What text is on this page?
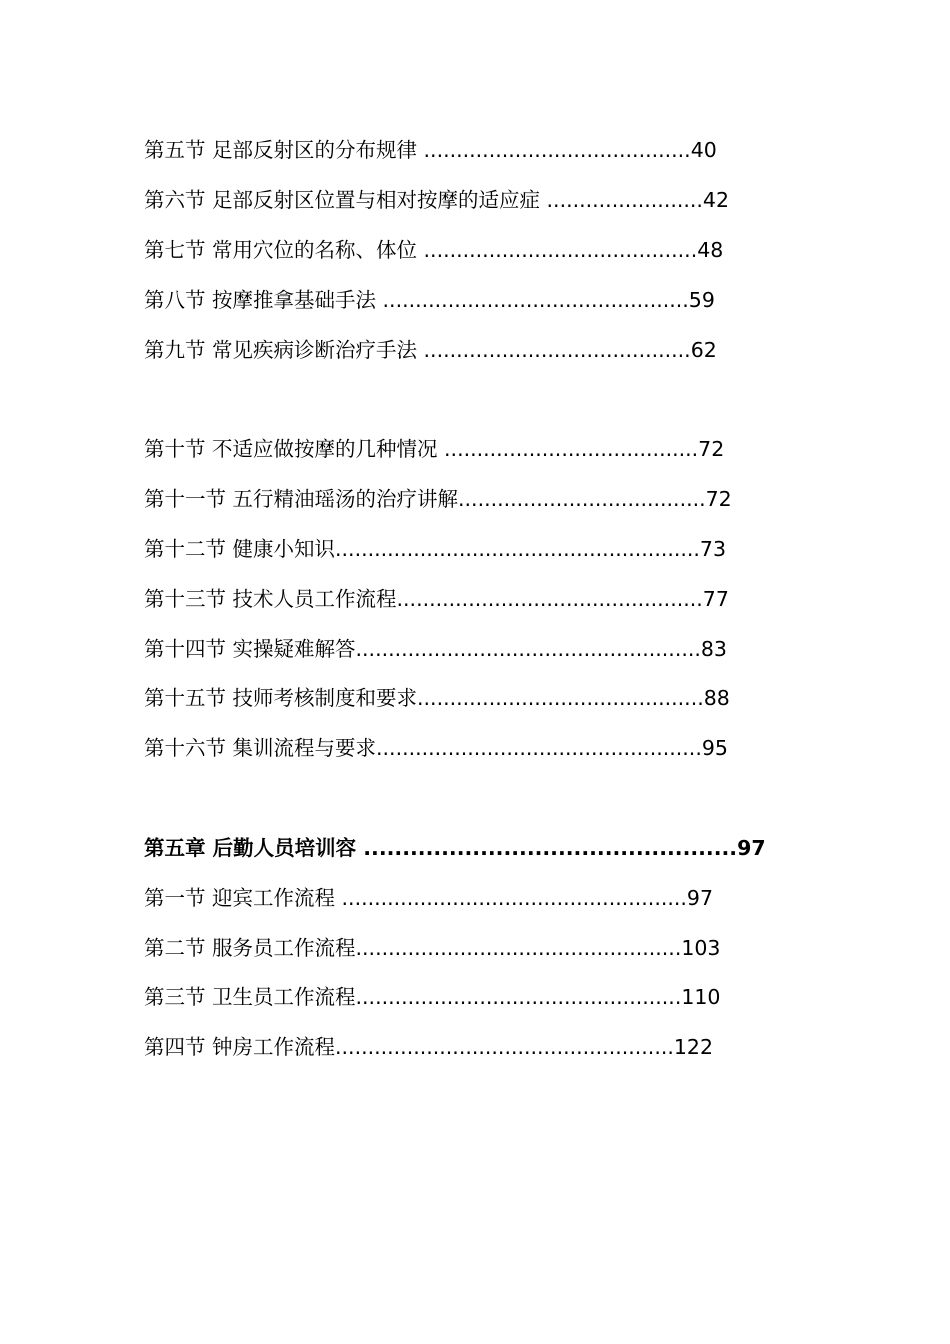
第五节 足部反射区的分布规律 .........................................40
第六节 足部反射区位置与相对按摩的适应症 ........................42
第七节 常用穴位的名称、体位 ..........................................48
第八节 按摩推拿基础手法 ...............................................59
第九节 常见疾病诊断治疗手法 .........................................62
第十节 不适应做按摩的几种情况 .......................................72
第十一节 五行精油瑶汤的治疗讲解......................................72
第十二节 健康小知识........................................................73
第十三节 技术人员工作流程...............................................77
第十四节 实操疑难解答.....................................................83
第十五节 技师考核制度和要求............................................88
第十六节 集训流程与要求..................................................95
第五章 后勤人员培训容 ................................................97
第一节 迎宾工作流程 .....................................................97
第二节 服务员工作流程..................................................103
第三节 卫生员工作流程..................................................110
第四节 钟房工作流程....................................................122
